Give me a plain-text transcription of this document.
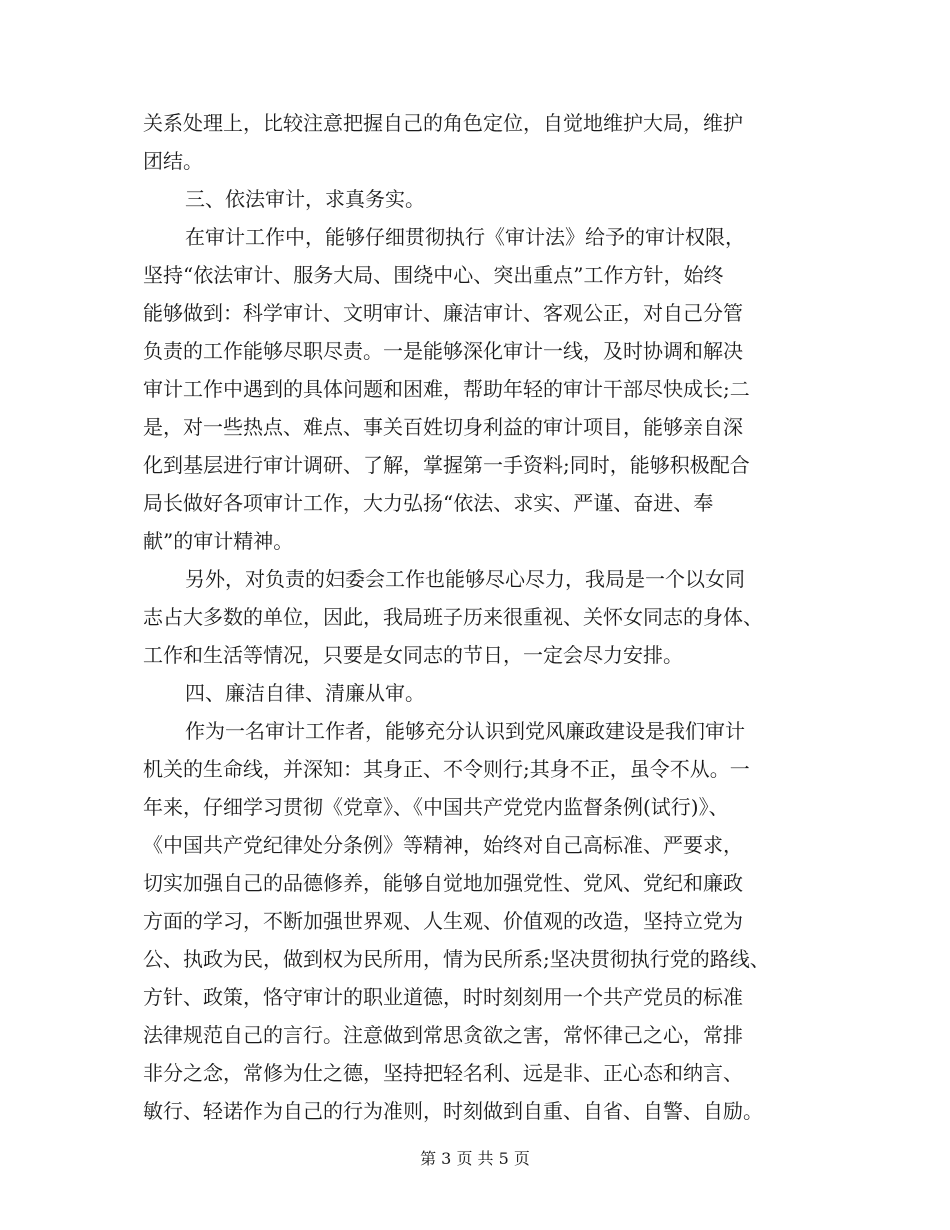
关系处理上，比较注意把握自己的角色定位，自觉地维护大局，维护
团结。
三、依法审计，求真务实。
在审计工作中，能够仔细贯彻执行《审计法》给予的审计权限，
坚持“依法审计、服务大局、围绕中心、突出重点”工作方针，始终
能够做到：科学审计、文明审计、廉洁审计、客观公正，对自己分管
负责的工作能够尽职尽责。一是能够深化审计一线，及时协调和解决
审计工作中遇到的具体问题和困难，帮助年轻的审计干部尽快成长;二
是，对一些热点、难点、事关百姓切身利益的审计项目，能够亲自深
化到基层进行审计调研、了解，掌握第一手资料;同时，能够积极配合
局长做好各项审计工作，大力弘扬“依法、求实、严谨、奋进、奉
献”的审计精神。
另外，对负责的妇委会工作也能够尽心尽力，我局是一个以女同
志占大多数的单位，因此，我局班子历来很重视、关怀女同志的身体、
工作和生活等情况，只要是女同志的节日，一定会尽力安排。
四、廉洁自律、清廉从审。
作为一名审计工作者，能够充分认识到党风廉政建设是我们审计
机关的生命线，并深知：其身正、不令则行;其身不正，虽令不从。一
年来，仔细学习贯彻《党章》、《中国共产党党内监督条例(试行)》、
《中国共产党纪律处分条例》等精神，始终对自己高标准、严要求，
切实加强自己的品德修养，能够自觉地加强党性、党风、党纪和廉政
方面的学习，不断加强世界观、人生观、价值观的改造，坚持立党为
公、执政为民，做到权为民所用，情为民所系;坚决贯彻执行党的路线、
方针、政策，恪守审计的职业道德，时时刻刻用一个共产党员的标准
法律规范自己的言行。注意做到常思贪欲之害，常怀律己之心，常排
非分之念，常修为仕之德，坚持把轻名利、远是非、正心态和纳言、
敏行、轻诺作为自己的行为准则，时刻做到自重、自省、自警、自励。
第 3 页 共 5 页
